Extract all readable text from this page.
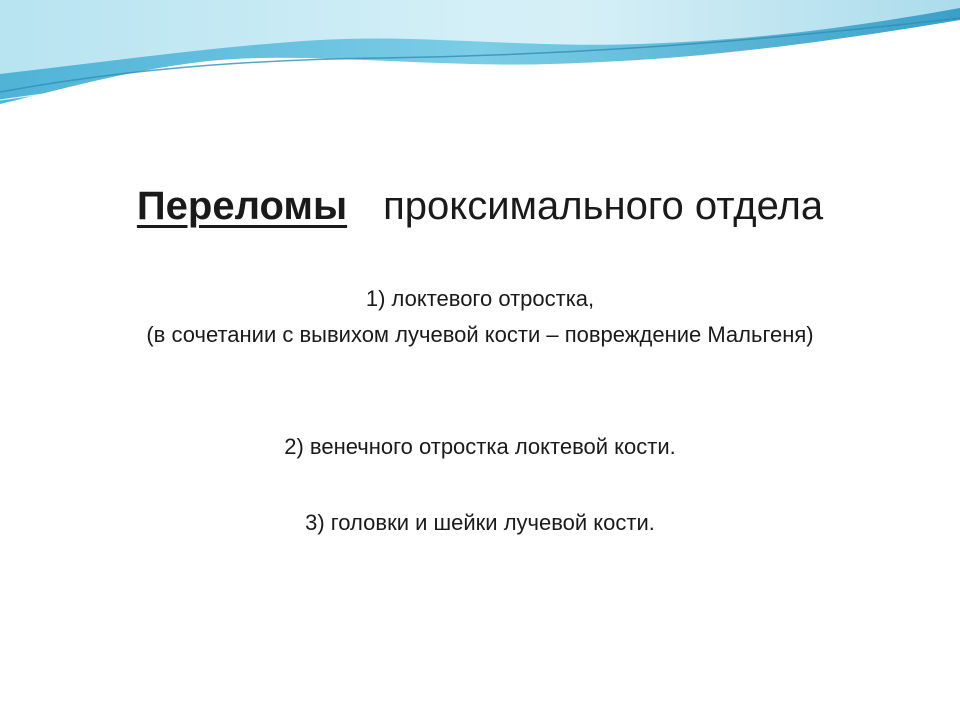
Переломы проксимального отдела
1) локтевого отростка,
(в сочетании с вывихом лучевой кости – повреждение Мальгеня)
2) венечного отростка локтевой кости.
3) головки и шейки лучевой кости.
